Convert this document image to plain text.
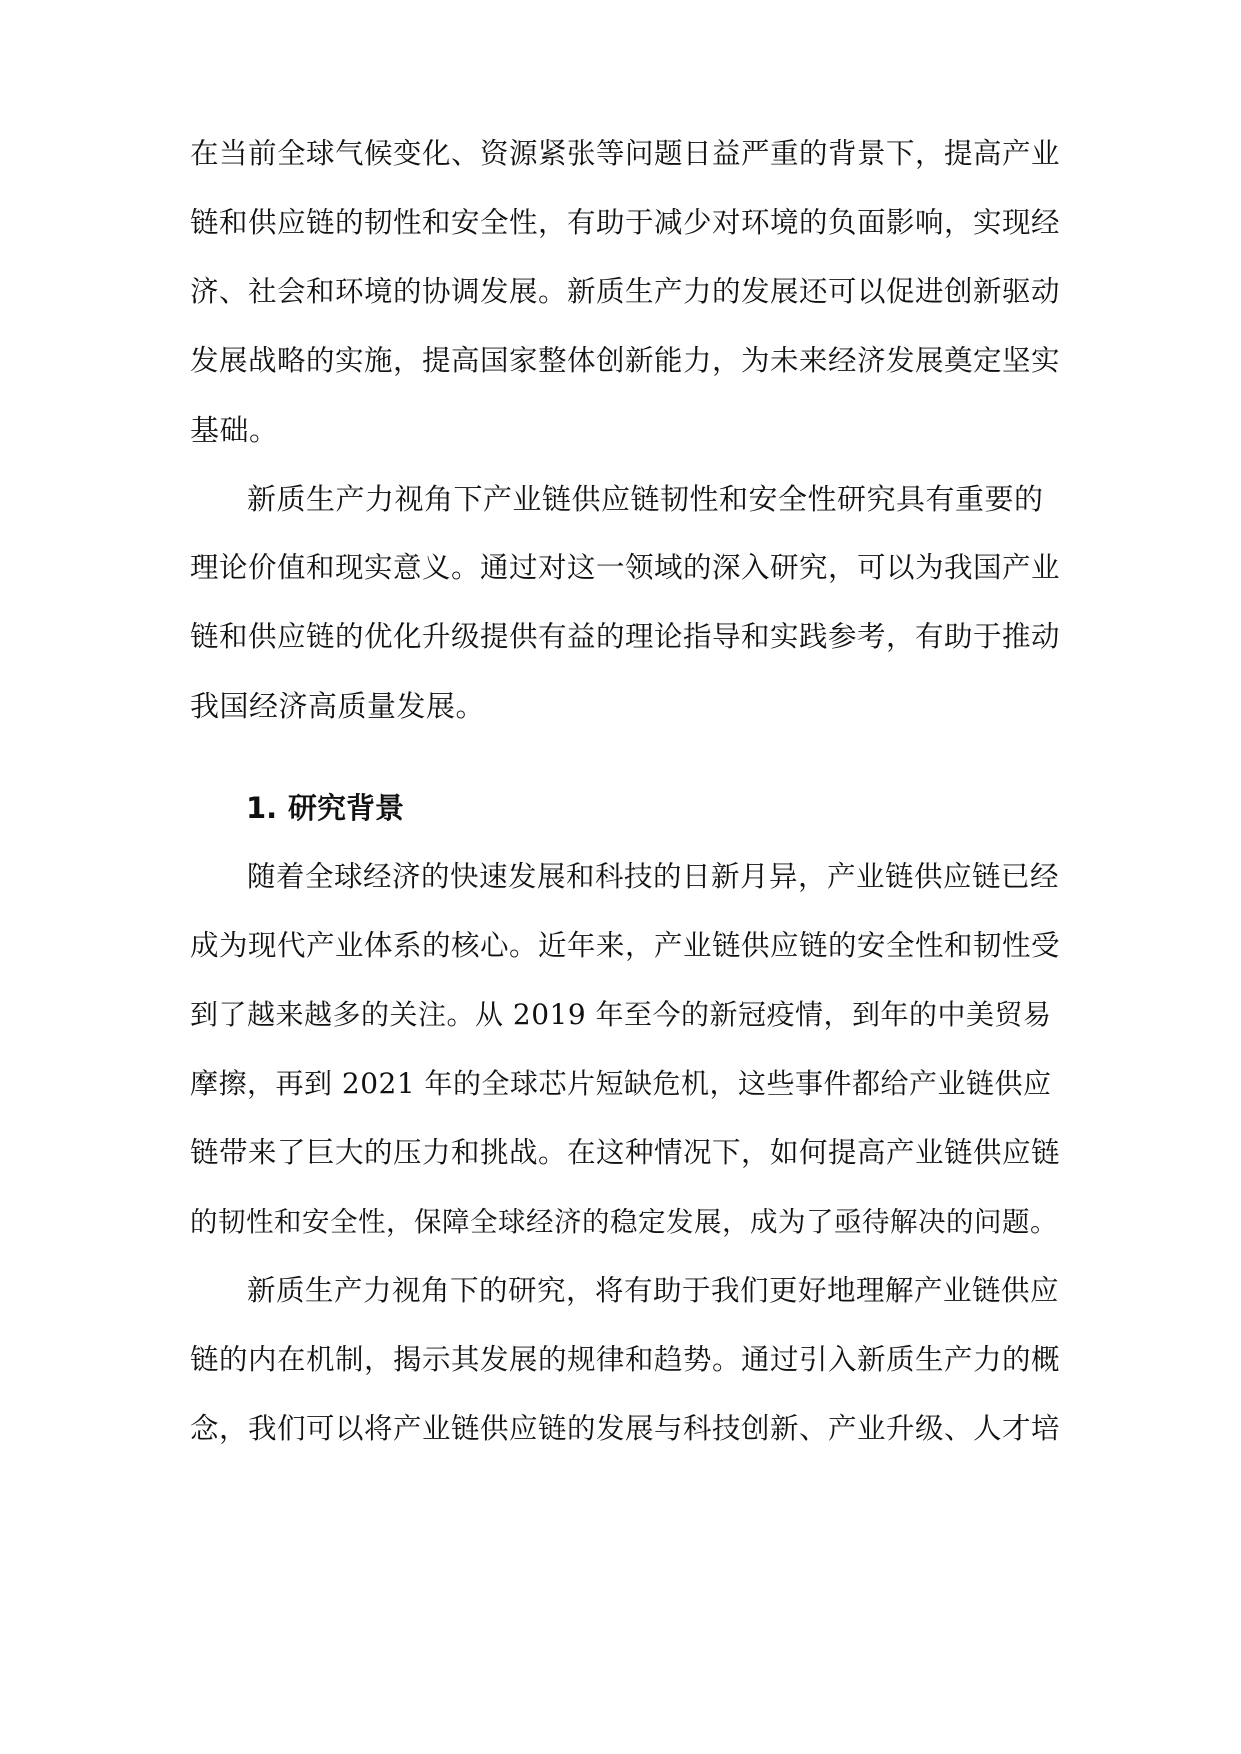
在当前全球气候变化、资源紧张等问题日益严重的背景下，提高产业
链和供应链的韧性和安全性，有助于减少对环境的负面影响，实现经
济、社会和环境的协调发展。新质生产力的发展还可以促进创新驱动
发展战略的实施，提高国家整体创新能力，为未来经济发展奠定坚实
基础。
新质生产力视角下产业链供应链韧性和安全性研究具有重要的
理论价值和现实意义。通过对这一领域的深入研究，可以为我国产业
链和供应链的优化升级提供有益的理论指导和实践参考，有助于推动
我国经济高质量发展。
1. 研究背景
随着全球经济的快速发展和科技的日新月异，产业链供应链已经
成为现代产业体系的核心。近年来，产业链供应链的安全性和韧性受
到了越来越多的关注。从 2019 年至今的新冠疫情，到年的中美贸易
摩擦，再到 2021 年的全球芯片短缺危机，这些事件都给产业链供应
链带来了巨大的压力和挑战。在这种情况下，如何提高产业链供应链
的韧性和安全性，保障全球经济的稳定发展，成为了亟待解决的问题。
新质生产力视角下的研究，将有助于我们更好地理解产业链供应
链的内在机制，揭示其发展的规律和趋势。通过引入新质生产力的概
念，我们可以将产业链供应链的发展与科技创新、产业升级、人才培
